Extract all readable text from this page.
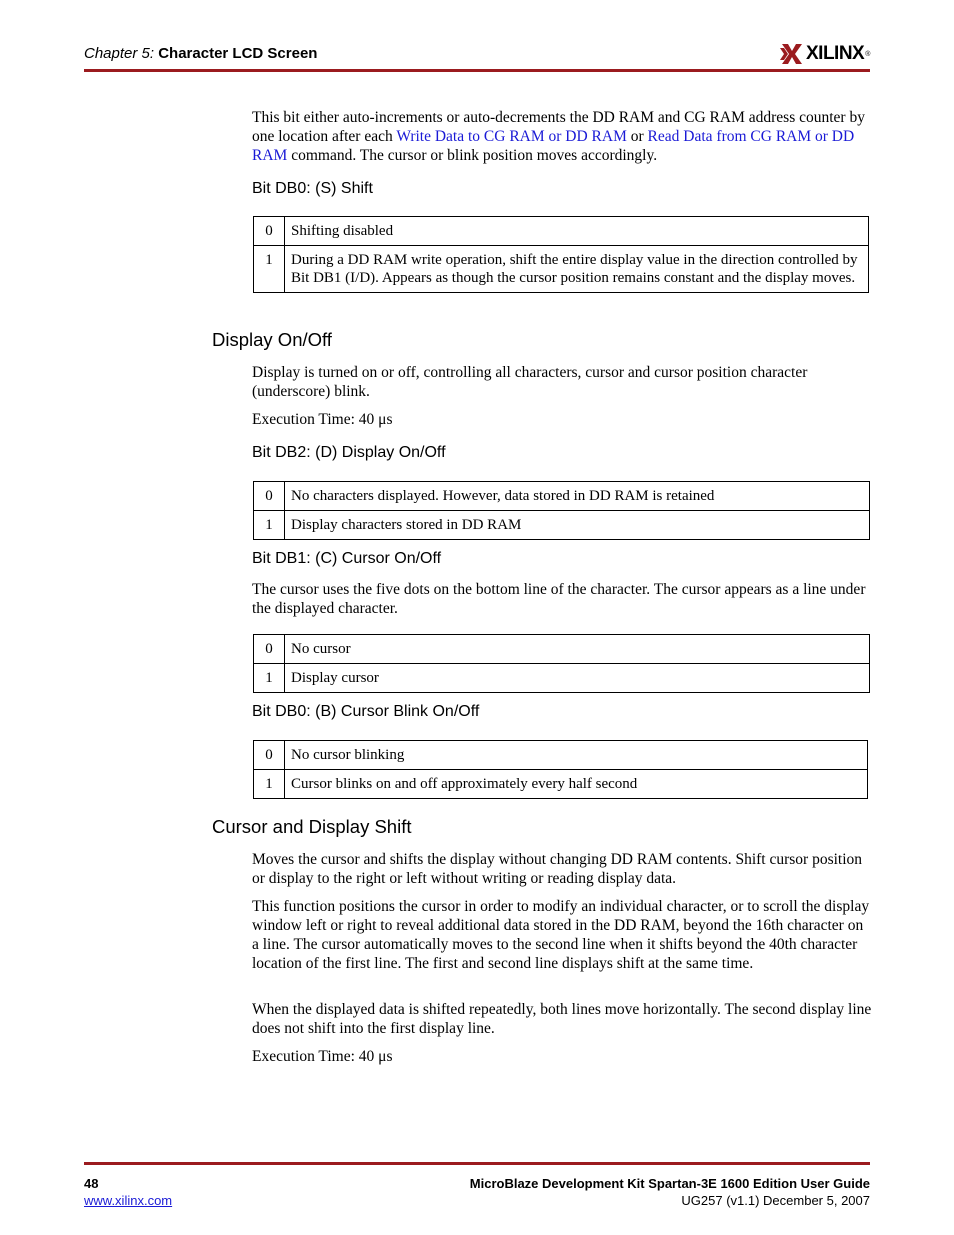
Chapter 5: Character LCD Screen	XILINX ®
This bit either auto-increments or auto-decrements the DD RAM and CG RAM address counter by one location after each Write Data to CG RAM or DD RAM or Read Data from CG RAM or DD RAM command. The cursor or blink position moves accordingly.
Bit DB0: (S) Shift
0	Shifting disabled
1	During a DD RAM write operation, shift the entire display value in the direction controlled by Bit DB1 (I/D). Appears as though the cursor position remains constant and the display moves.
Display On/Off
Display is turned on or off, controlling all characters, cursor and cursor position character (underscore) blink.
Execution Time: 40 μs
Bit DB2: (D) Display On/Off
0	No characters displayed. However, data stored in DD RAM is retained
1	Display characters stored in DD RAM
Bit DB1: (C) Cursor On/Off
The cursor uses the five dots on the bottom line of the character. The cursor appears as a line under the displayed character.
0	No cursor
1	Display cursor
Bit DB0: (B) Cursor Blink On/Off
0	No cursor blinking
1	Cursor blinks on and off approximately every half second
Cursor and Display Shift
Moves the cursor and shifts the display without changing DD RAM contents. Shift cursor position or display to the right or left without writing or reading display data.
This function positions the cursor in order to modify an individual character, or to scroll the display window left or right to reveal additional data stored in the DD RAM, beyond the 16th character on a line. The cursor automatically moves to the second line when it shifts beyond the 40th character location of the first line. The first and second line displays shift at the same time.
When the displayed data is shifted repeatedly, both lines move horizontally. The second display line does not shift into the first display line.
Execution Time: 40 μs
48
www.xilinx.com
MicroBlaze Development Kit Spartan-3E 1600 Edition User Guide
UG257 (v1.1) December 5, 2007
